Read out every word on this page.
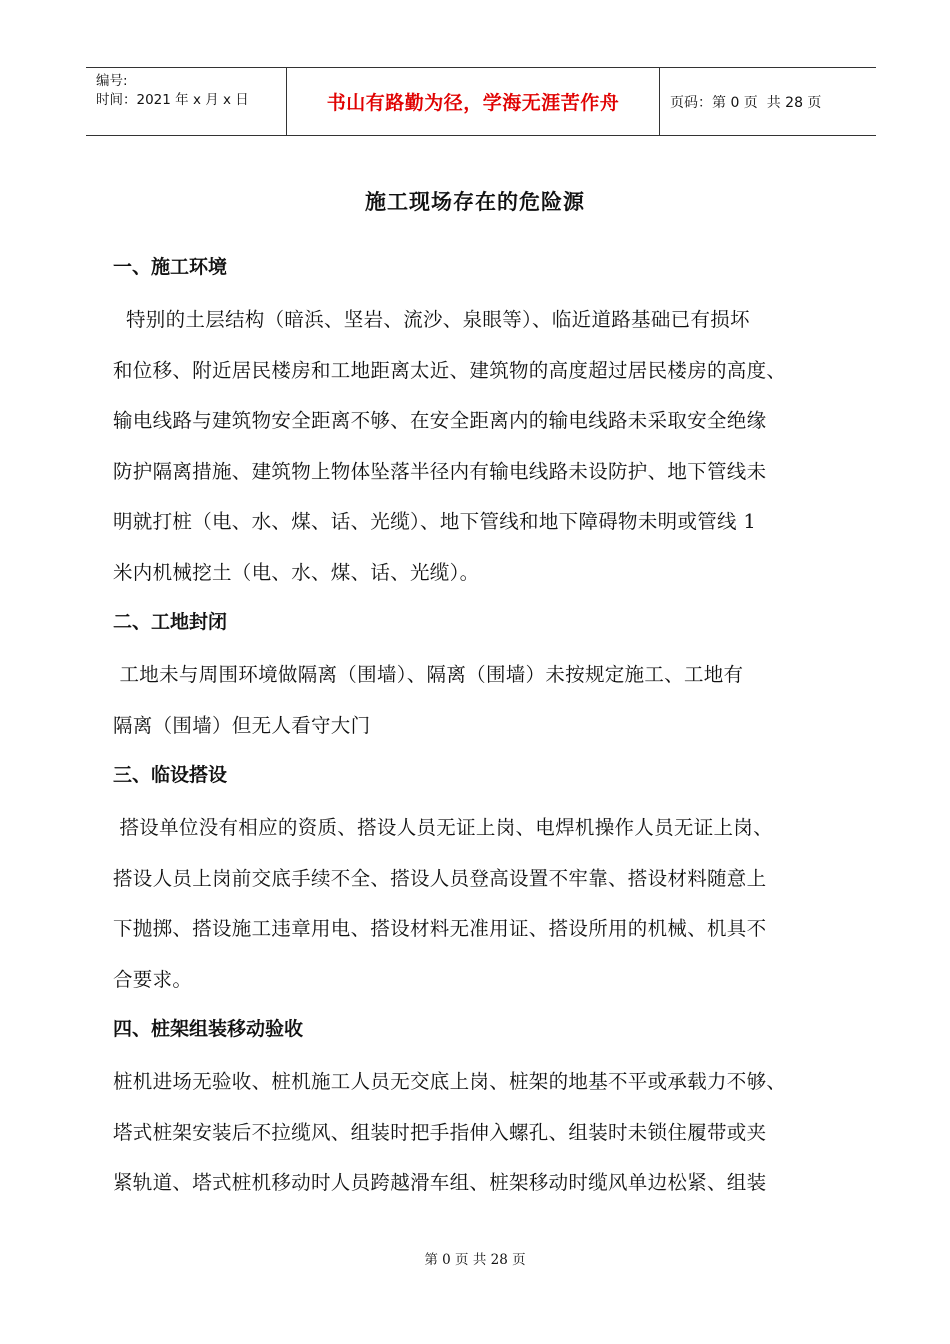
编号:
时间：2021 年 x 月 x 日	书山有路勤为径，学海无涯苦作舟	页码：第 0 页  共 28 页
施工现场存在的危险源
一、施工环境
特别的土层结构（暗浜、坚岩、流沙、泉眼等）、临近道路基础已有损坏
和位移、附近居民楼房和工地距离太近、建筑物的高度超过居民楼房的高度、
输电线路与建筑物安全距离不够、在安全距离内的输电线路未采取安全绝缘
防护隔离措施、建筑物上物体坠落半径内有输电线路未设防护、地下管线未
明就打桩（电、水、煤、话、光缆）、地下管线和地下障碍物未明或管线 1
米内机械挖土（电、水、煤、话、光缆）。
二、工地封闭
工地未与周围环境做隔离（围墙）、隔离（围墙）未按规定施工、工地有
隔离（围墙）但无人看守大门
三、临设搭设
搭设单位没有相应的资质、搭设人员无证上岗、电焊机操作人员无证上岗、
搭设人员上岗前交底手续不全、搭设人员登高设置不牢靠、搭设材料随意上
下抛掷、搭设施工违章用电、搭设材料无准用证、搭设所用的机械、机具不
合要求。
四、桩架组装移动验收
桩机进场无验收、桩机施工人员无交底上岗、桩架的地基不平或承载力不够、
塔式桩架安装后不拉缆风、组装时把手指伸入螺孔、组装时未锁住履带或夹
紧轨道、塔式桩机移动时人员跨越滑车组、桩架移动时缆风单边松紧、组装
第 0 页 共 28 页
